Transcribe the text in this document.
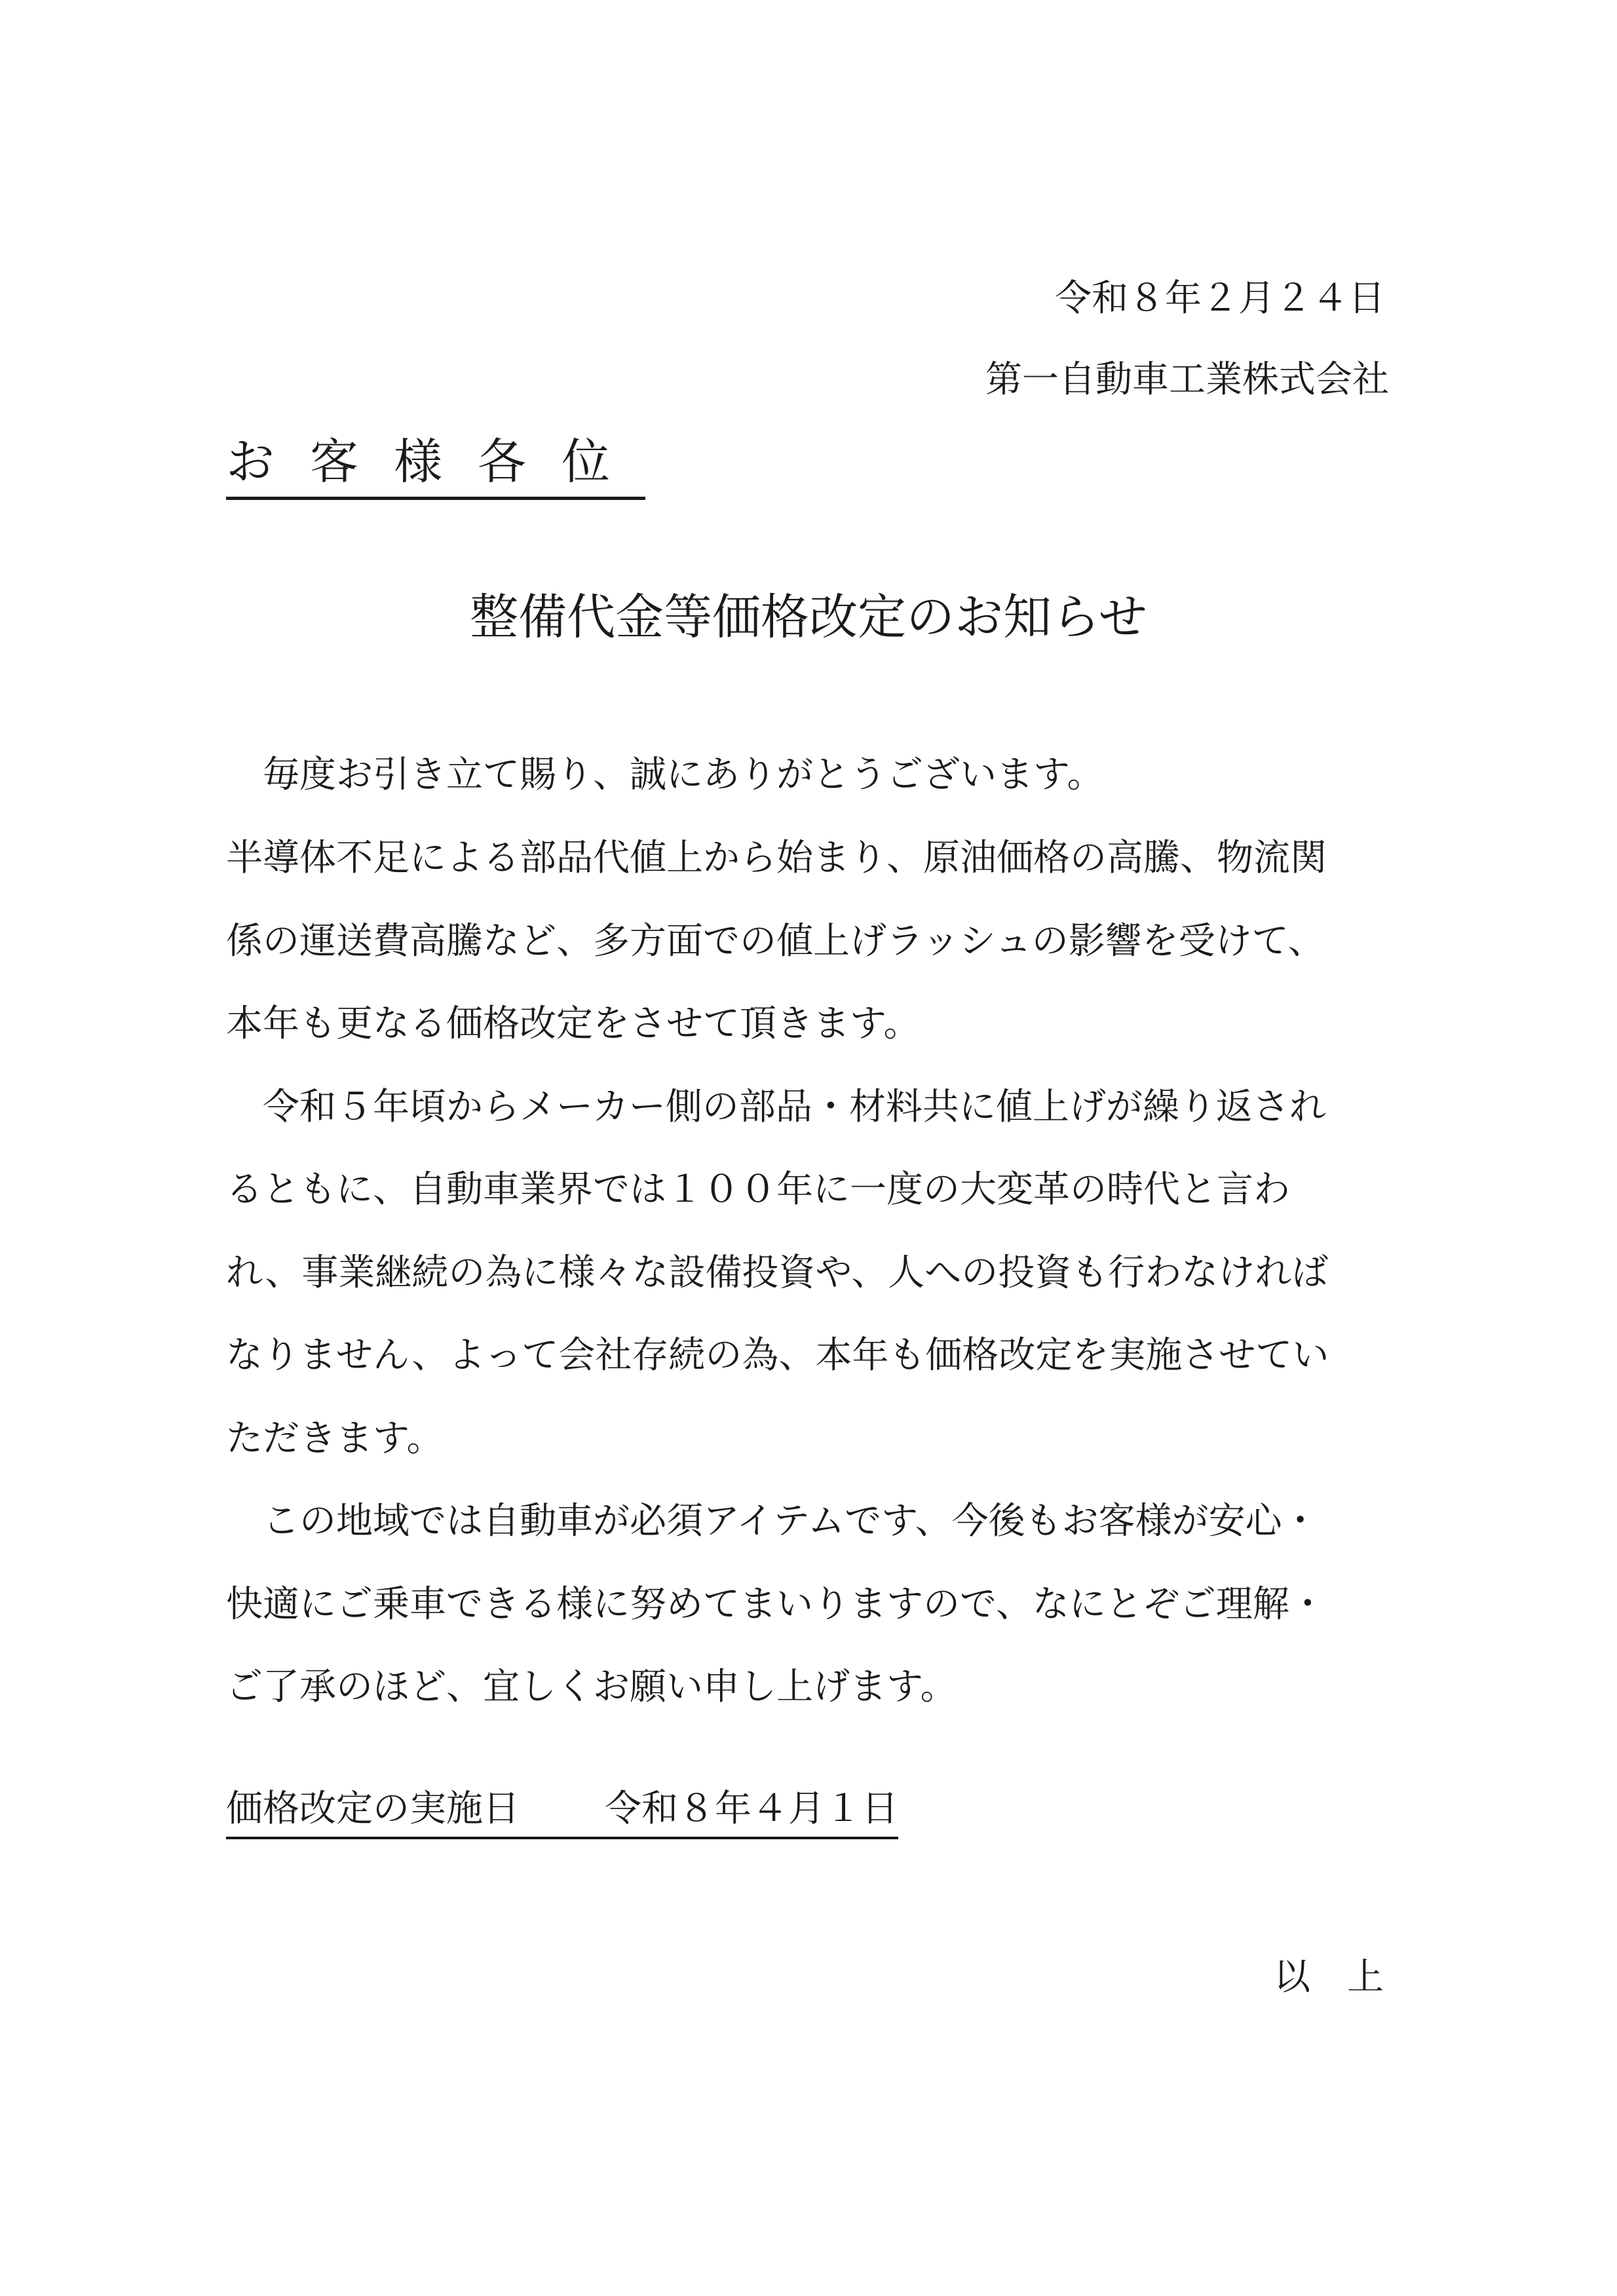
令和８年２月２４日
第一自動車工業株式会社
お客様各位
整備代金等価格改定のお知らせ
　毎度お引き立て賜り、誠にありがとうございます。
半導体不足による部品代値上から始まり、原油価格の高騰、物流関
係の運送費高騰など、多方面での値上げラッシュの影響を受けて、
本年も更なる価格改定をさせて頂きます。
　令和５年頃からメーカー側の部品・材料共に値上げが繰り返され
るともに、自動車業界では１００年に一度の大変革の時代と言わ
れ、事業継続の為に様々な設備投資や、人への投資も行わなければ
なりません、よって会社存続の為、本年も価格改定を実施させてい
ただきます。
　この地域では自動車が必須アイテムです、今後もお客様が安心・
快適にご乗車できる様に努めてまいりますので、なにとぞご理解・
ご了承のほど、宜しくお願い申し上げます。
価格改定の実施日 令和８年４月１日
以上
